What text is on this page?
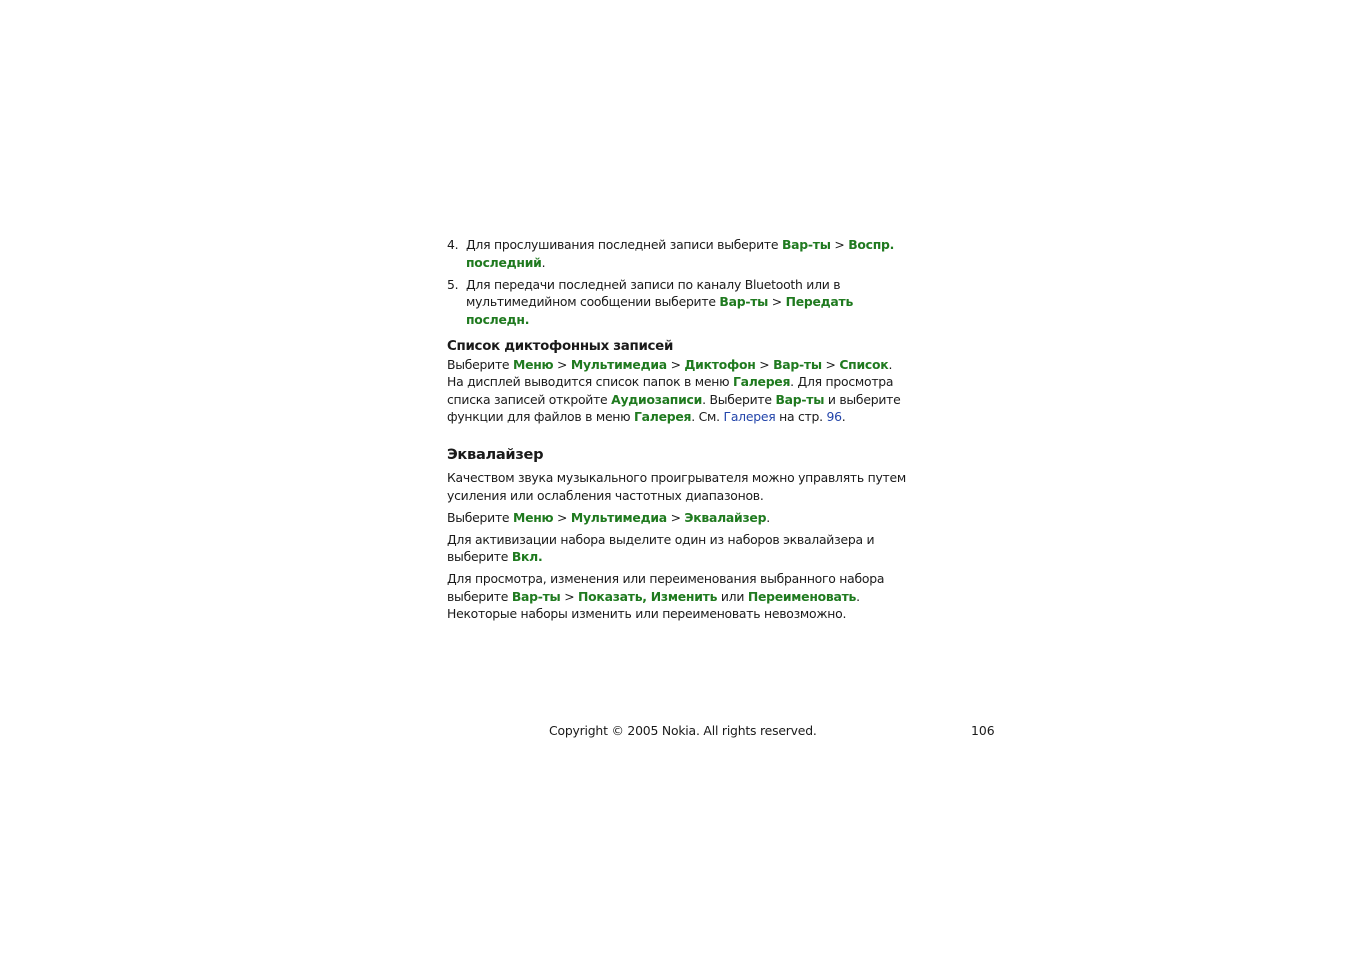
4. Для прослушивания последней записи выберите Вар-ты > Воспр. последний.
5. Для передачи последней записи по каналу Bluetooth или в мультимедийном сообщении выберите Вар-ты > Передать последн.
Список диктофонных записей

Выберите Меню > Мультимедиа > Диктофон > Вар-ты > Список. На дисплей выводится список папок в меню Галерея. Для просмотра списка записей откройте Аудиозаписи. Выберите Вар-ты и выберите функции для файлов в меню Галерея. См. Галерея на стр. 96.

Эквалайзер

Качеством звука музыкального проигрывателя можно управлять путем усиления или ослабления частотных диапазонов.

Выберите Меню > Мультимедиа > Эквалайзер.

Для активизации набора выделите один из наборов эквалайзера и выберите Вкл.

Для просмотра, изменения или переименования выбранного набора выберите Вар-ты > Показать, Изменить или Переименовать. Некоторые наборы изменить или переименовать невозможно.

Copyright © 2005 Nokia. All rights reserved.	106
